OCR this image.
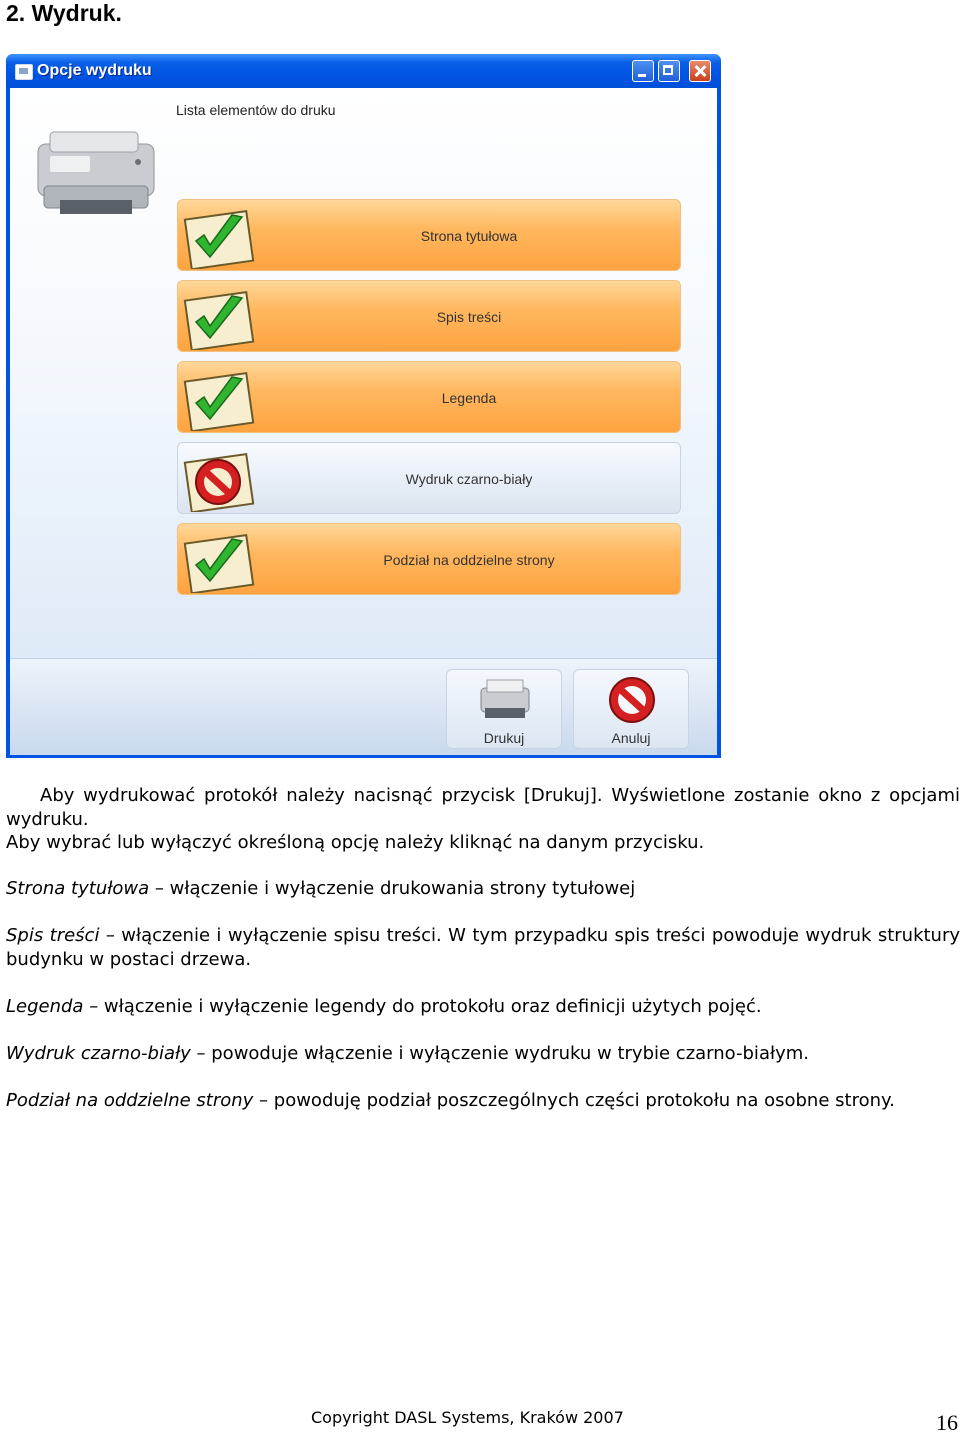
2. Wydruk.
Opcje wydruku
Lista elementów do druku
Strona tytułowa
Spis treści
Legenda
Wydruk czarno-biały
Podział na oddzielne strony
Drukuj	Anuluj
Aby wydrukować protokół należy nacisnąć przycisk [Drukuj]. Wyświetlone zostanie okno z opcjami wydruku.
Aby wybrać lub wyłączyć określoną opcję należy kliknąć na danym przycisku.
Strona tytułowa – włączenie i wyłączenie drukowania strony tytułowej
Spis treści – włączenie i wyłączenie spisu treści. W tym przypadku spis treści powoduje wydruk struktury budynku w postaci drzewa.
Legenda – włączenie i wyłączenie legendy do protokołu oraz definicji użytych pojęć.
Wydruk czarno-biały – powoduje włączenie i wyłączenie wydruku w trybie czarno-białym.
Podział na oddzielne strony – powoduję podział poszczególnych części protokołu na osobne strony.
Copyright DASL Systems, Kraków 2007	16
